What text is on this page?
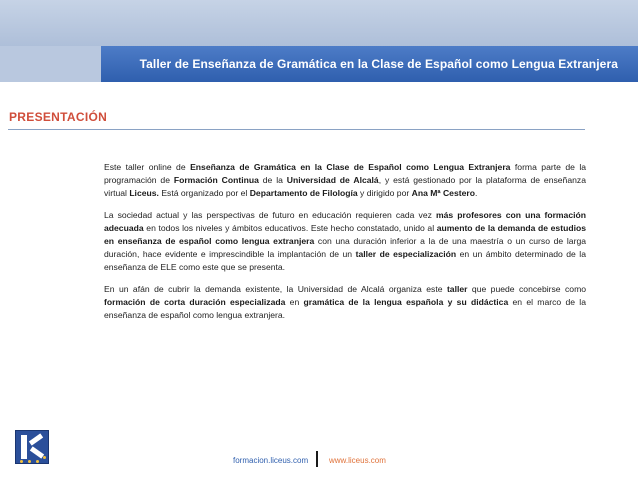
Taller de Enseñanza de Gramática en la Clase de Español como Lengua Extranjera
PRESENTACIÓN

Este taller online de Enseñanza de Gramática en la Clase de Español como Lengua Extranjera forma parte de la programación de Formación Continua de la Universidad de Alcalá, y está gestionado por la plataforma de enseñanza virtual Liceus. Está organizado por el Departamento de Filología y dirigido por Ana Mª Cestero.

La sociedad actual y las perspectivas de futuro en educación requieren cada vez más profesores con una formación adecuada en todos los niveles y ámbitos educativos. Este hecho constatado, unido al aumento de la demanda de estudios en enseñanza de español como lengua extranjera con una duración inferior a la de una maestría o un curso de larga duración, hace evidente e imprescindible la implantación de un taller de especialización en un ámbito determinado de la enseñanza de ELE como este que se presenta.

En un afán de cubrir la demanda existente, la Universidad de Alcalá organiza este taller que puede concebirse como formación de corta duración especializada en gramática de la lengua española y su didáctica en el marco de la enseñanza de español como lengua extranjera.

formacion.liceus.com	www.liceus.com
